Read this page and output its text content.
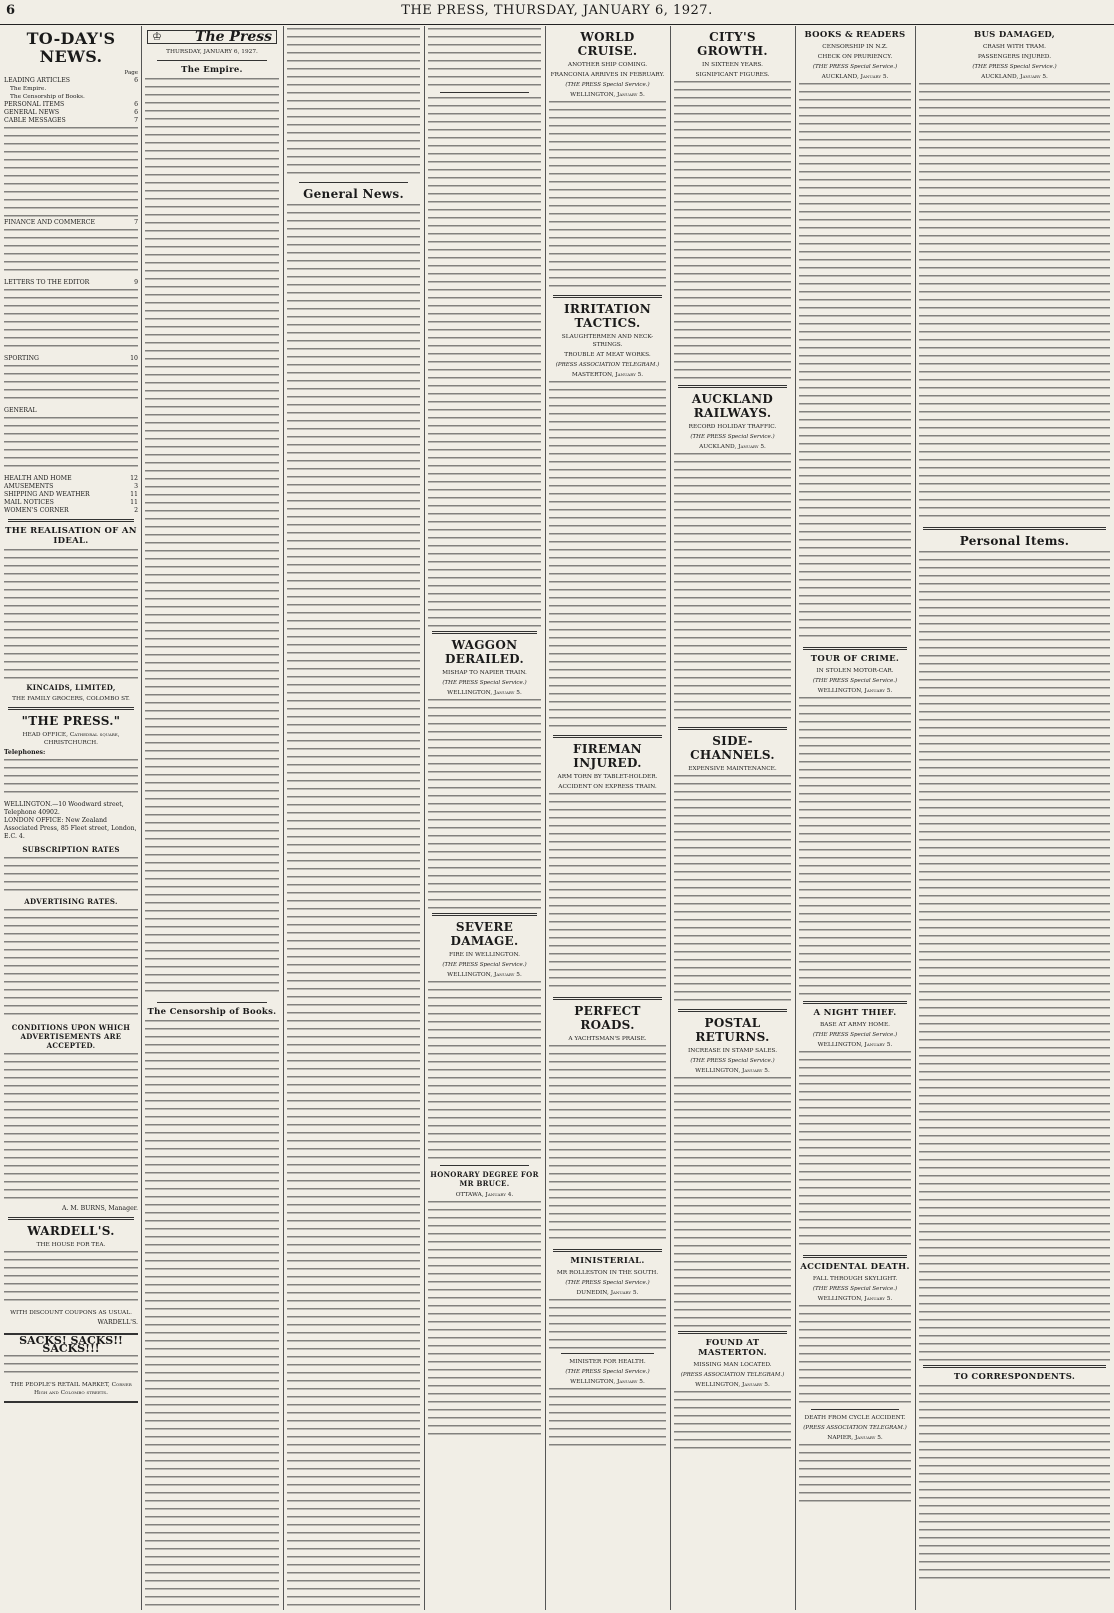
6	THE PRESS, THURSDAY, JANUARY 6, 1927.
TO-DAY'S NEWS.
Page
LEADING ARTICLES	6
The Empire.
The Censorship of Books.
PERSONAL ITEMS	6
GENERAL NEWS	6
CABLE MESSAGES	7
FINANCE AND COMMERCE	7
LETTERS TO THE EDITOR	9
SPORTING	10
GENERAL
HEALTH AND HOME	12
AMUSEMENTS	3
SHIPPING AND WEATHER	11
MAIL NOTICES	11
WOMEN'S CORNER	2
THE REALISATION OF AN IDEAL.
KINCAIDS, LIMITED,
THE FAMILY GROCERS, COLOMBO ST.
"THE PRESS."
HEAD OFFICE, Cathedral square, CHRISTCHURCH.
Telephones:
WELLINGTON.—10 Woodward street, Telephone 40902.
LONDON OFFICE: New Zealand Associated Press, 85 Fleet street, London, E.C. 4.
SUBSCRIPTION RATES
ADVERTISING RATES.
CONDITIONS UPON WHICH ADVERTISEMENTS ARE ACCEPTED.
A. M. BURNS, Manager.
WARDELL'S.
THE HOUSE FOR TEA.
WITH DISCOUNT COUPONS AS USUAL.
WARDELL'S.
SACKS! SACKS!! SACKS!!!
THE PEOPLE'S RETAIL MARKET, Corner High and Colombo streets.
♔ The Press
THURSDAY, JANUARY 6, 1927.
The Empire.
The Censorship of Books.
General News.
WAGGON DERAILED.
MISHAP TO NAPIER TRAIN.
(THE PRESS Special Service.)
WELLINGTON, January 5.
SEVERE DAMAGE.
FIRE IN WELLINGTON.
(THE PRESS Special Service.)
WELLINGTON, January 5.
HONORARY DEGREE FOR MR BRUCE.
OTTAWA, January 4.
WORLD CRUISE.
ANOTHER SHIP COMING.
FRANCONIA ARRIVES IN FEBRUARY.
(THE PRESS Special Service.)
WELLINGTON, January 5.
IRRITATION TACTICS.
SLAUGHTERMEN AND NECK-STRINGS.
TROUBLE AT MEAT WORKS.
(PRESS ASSOCIATION TELEGRAM.)
MASTERTON, January 5.
FIREMAN INJURED.
ARM TORN BY TABLET-HOLDER.
ACCIDENT ON EXPRESS TRAIN.
PERFECT ROADS.
A YACHTSMAN'S PRAISE.
MINISTERIAL.
MR ROLLESTON IN THE SOUTH.
(THE PRESS Special Service.)
DUNEDIN, January 5.
MINISTER FOR HEALTH.
(THE PRESS Special Service.)
WELLINGTON, January 5.
CITY'S GROWTH.
IN SIXTEEN YEARS.
SIGNIFICANT FIGURES.
AUCKLAND RAILWAYS.
RECORD HOLIDAY TRAFFIC.
(THE PRESS Special Service.)
AUCKLAND, January 5.
SIDE-CHANNELS.
EXPENSIVE MAINTENANCE.
POSTAL RETURNS.
INCREASE IN STAMP SALES.
(THE PRESS Special Service.)
WELLINGTON, January 5.
FOUND AT MASTERTON.
MISSING MAN LOCATED.
(PRESS ASSOCIATION TELEGRAM.)
WELLINGTON, January 5.
BOOKS & READERS
CENSORSHIP IN N.Z.
CHECK ON PRURIENCY.
(THE PRESS Special Service.)
AUCKLAND, January 5.
TOUR OF CRIME.
IN STOLEN MOTOR-CAR.
(THE PRESS Special Service.)
WELLINGTON, January 5.
A NIGHT THIEF.
BASE AT ARMY HOME.
(THE PRESS Special Service.)
WELLINGTON, January 5.
ACCIDENTAL DEATH.
FALL THROUGH SKYLIGHT.
(THE PRESS Special Service.)
WELLINGTON, January 5.
DEATH FROM CYCLE ACCIDENT.
(PRESS ASSOCIATION TELEGRAM.)
NAPIER, January 5.
BUS DAMAGED,
CRASH WITH TRAM.
PASSENGERS INJURED.
(THE PRESS Special Service.)
AUCKLAND, January 5.
Personal Items.
TO CORRESPONDENTS.
